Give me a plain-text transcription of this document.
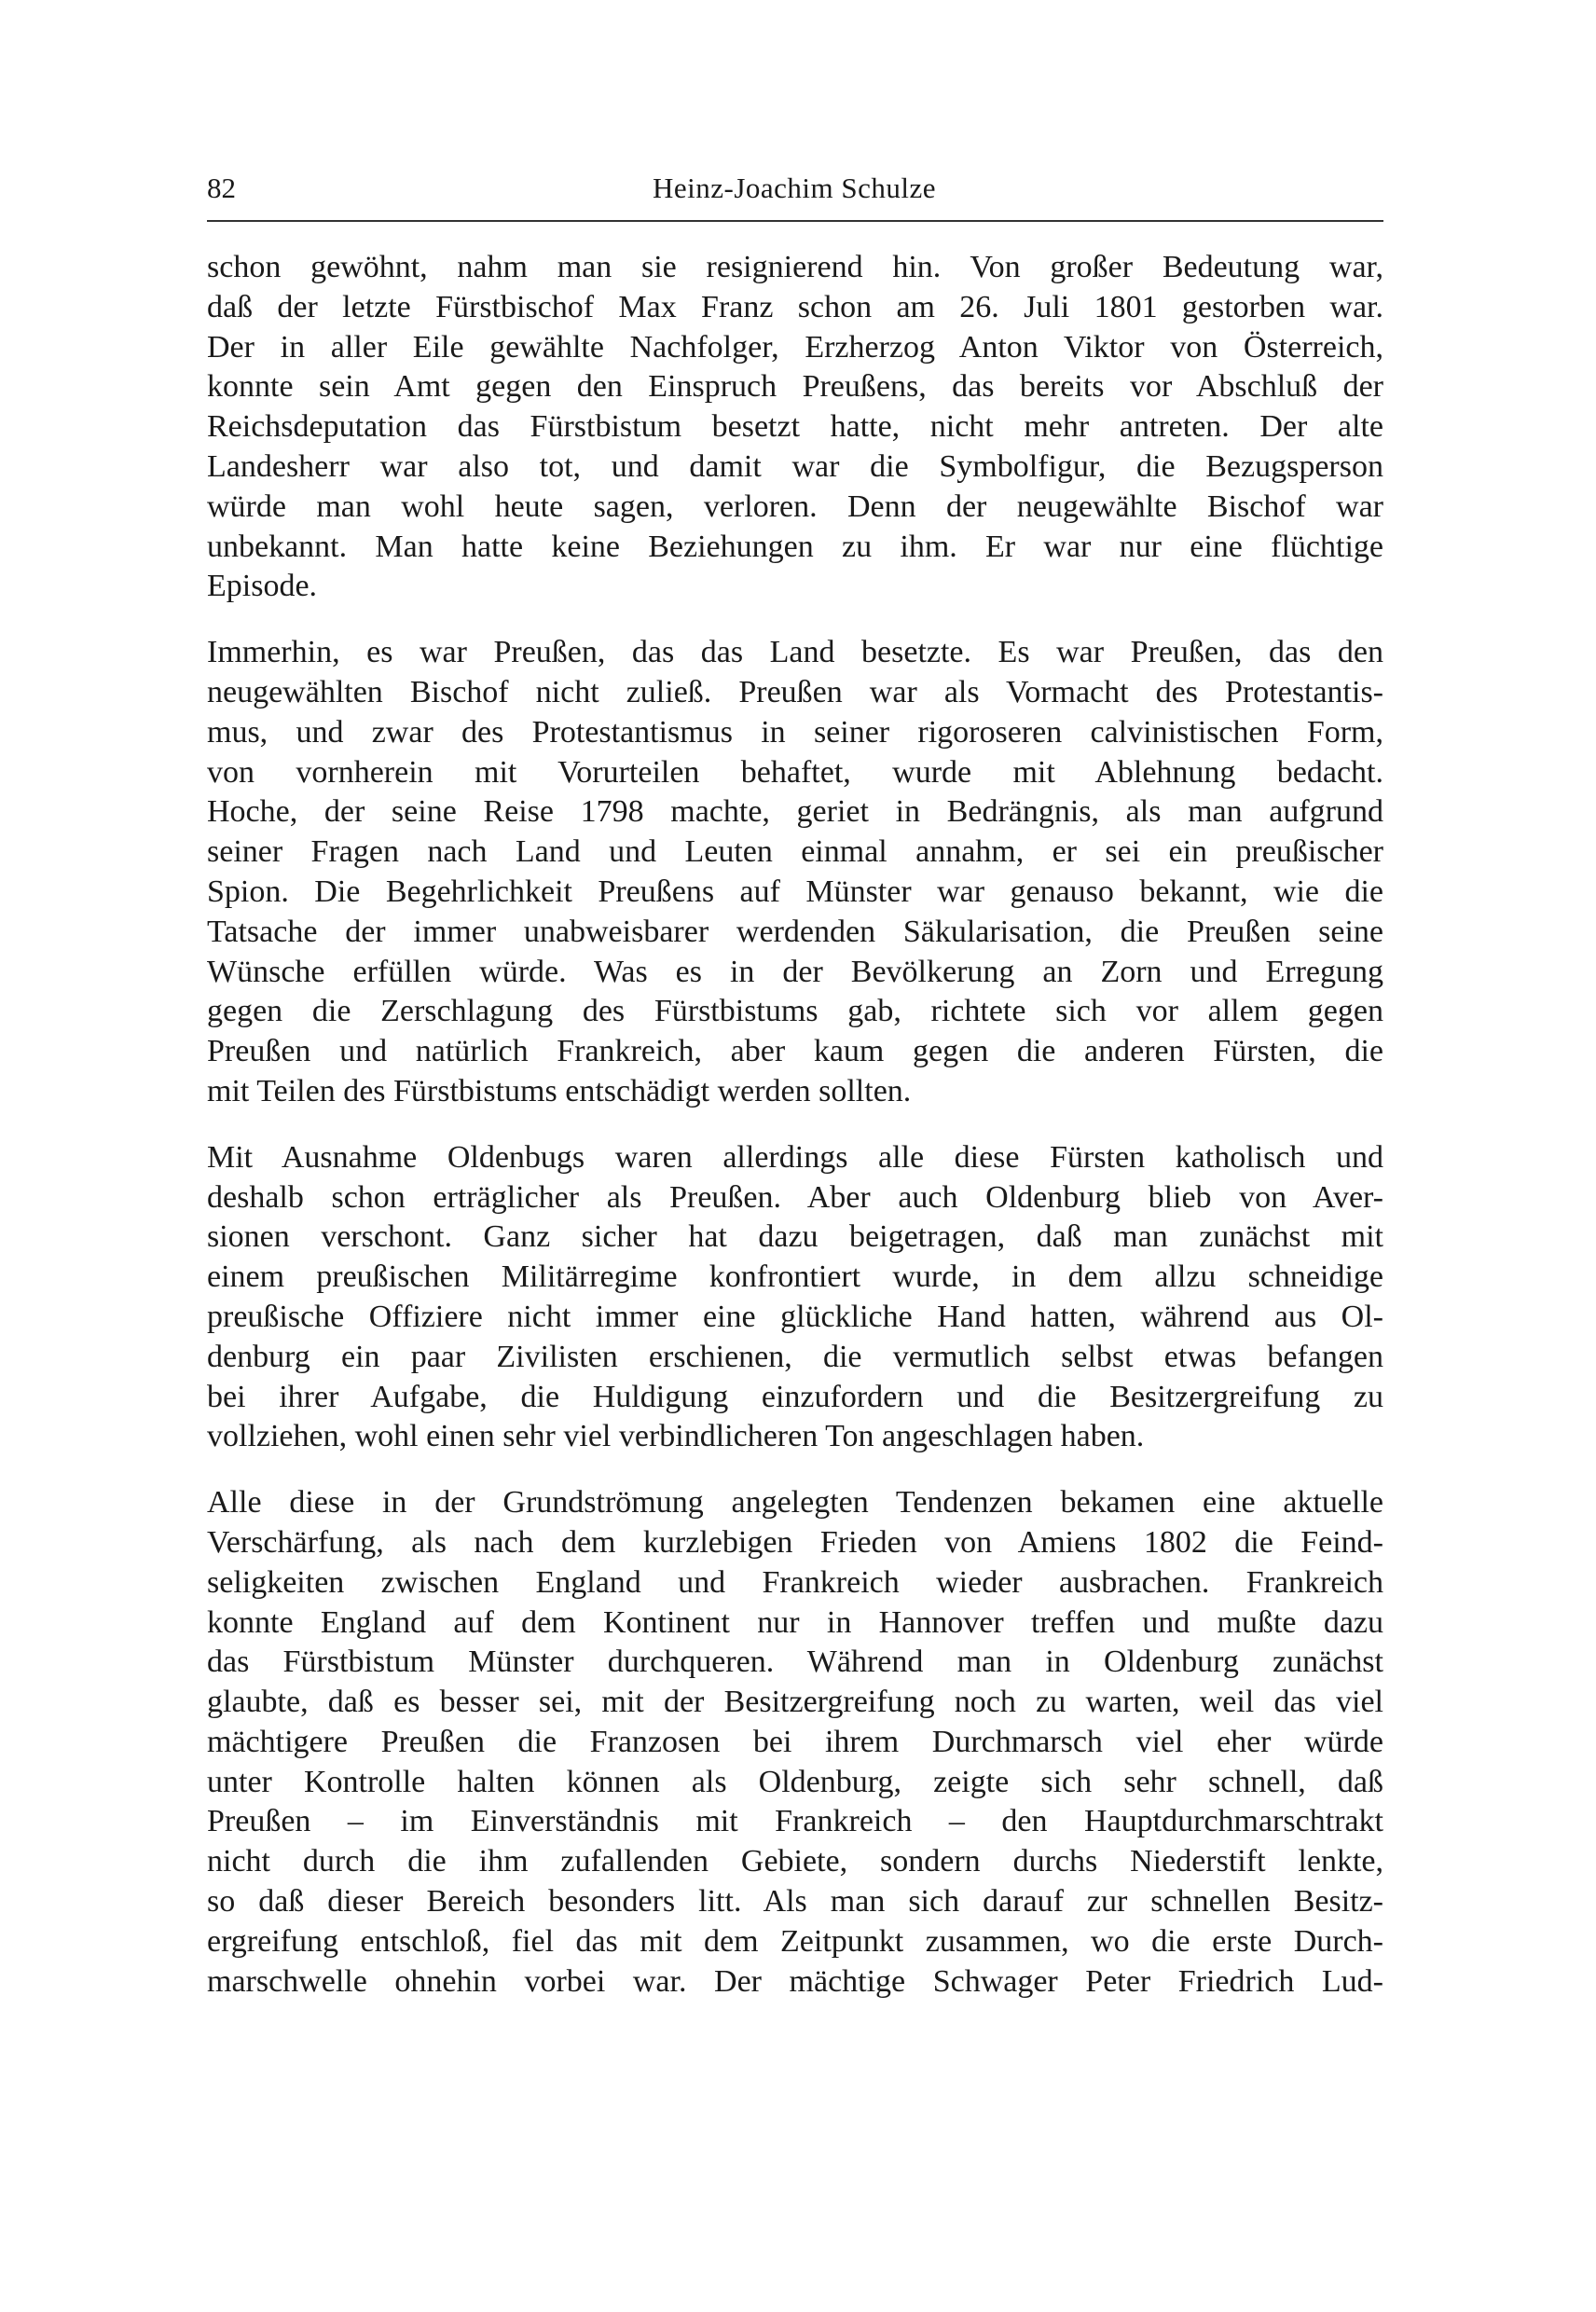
82	Heinz-Joachim Schulze

schon gewöhnt, nahm man sie resignierend hin. Von großer Bedeutung war,
daß der letzte Fürstbischof Max Franz schon am 26. Juli 1801 gestorben war.
Der in aller Eile gewählte Nachfolger, Erzherzog Anton Viktor von Österreich,
konnte sein Amt gegen den Einspruch Preußens, das bereits vor Abschluß der
Reichsdeputation das Fürstbistum besetzt hatte, nicht mehr antreten. Der alte
Landesherr war also tot, und damit war die Symbolfigur, die Bezugsperson
würde man wohl heute sagen, verloren. Denn der neugewählte Bischof war
unbekannt. Man hatte keine Beziehungen zu ihm. Er war nur eine flüchtige
Episode.

Immerhin, es war Preußen, das das Land besetzte. Es war Preußen, das den
neugewählten Bischof nicht zuließ. Preußen war als Vormacht des Protestantis-
mus, und zwar des Protestantismus in seiner rigoroseren calvinistischen Form,
von vornherein mit Vorurteilen behaftet, wurde mit Ablehnung bedacht.
Hoche, der seine Reise 1798 machte, geriet in Bedrängnis, als man aufgrund
seiner Fragen nach Land und Leuten einmal annahm, er sei ein preußischer
Spion. Die Begehrlichkeit Preußens auf Münster war genauso bekannt, wie die
Tatsache der immer unabweisbarer werdenden Säkularisation, die Preußen seine
Wünsche erfüllen würde. Was es in der Bevölkerung an Zorn und Erregung
gegen die Zerschlagung des Fürstbistums gab, richtete sich vor allem gegen
Preußen und natürlich Frankreich, aber kaum gegen die anderen Fürsten, die
mit Teilen des Fürstbistums entschädigt werden sollten.

Mit Ausnahme Oldenbugs waren allerdings alle diese Fürsten katholisch und
deshalb schon erträglicher als Preußen. Aber auch Oldenburg blieb von Aver-
sionen verschont. Ganz sicher hat dazu beigetragen, daß man zunächst mit
einem preußischen Militärregime konfrontiert wurde, in dem allzu schneidige
preußische Offiziere nicht immer eine glückliche Hand hatten, während aus Ol-
denburg ein paar Zivilisten erschienen, die vermutlich selbst etwas befangen
bei ihrer Aufgabe, die Huldigung einzufordern und die Besitzergreifung zu
vollziehen, wohl einen sehr viel verbindlicheren Ton angeschlagen haben.

Alle diese in der Grundströmung angelegten Tendenzen bekamen eine aktuelle
Verschärfung, als nach dem kurzlebigen Frieden von Amiens 1802 die Feind-
seligkeiten zwischen England und Frankreich wieder ausbrachen. Frankreich
konnte England auf dem Kontinent nur in Hannover treffen und mußte dazu
das Fürstbistum Münster durchqueren. Während man in Oldenburg zunächst
glaubte, daß es besser sei, mit der Besitzergreifung noch zu warten, weil das viel
mächtigere Preußen die Franzosen bei ihrem Durchmarsch viel eher würde
unter Kontrolle halten können als Oldenburg, zeigte sich sehr schnell, daß
Preußen – im Einverständnis mit Frankreich – den Hauptdurchmarschtrakt
nicht durch die ihm zufallenden Gebiete, sondern durchs Niederstift lenkte,
so daß dieser Bereich besonders litt. Als man sich darauf zur schnellen Besitz-
ergreifung entschloß, fiel das mit dem Zeitpunkt zusammen, wo die erste Durch-
marschwelle ohnehin vorbei war. Der mächtige Schwager Peter Friedrich Lud-
